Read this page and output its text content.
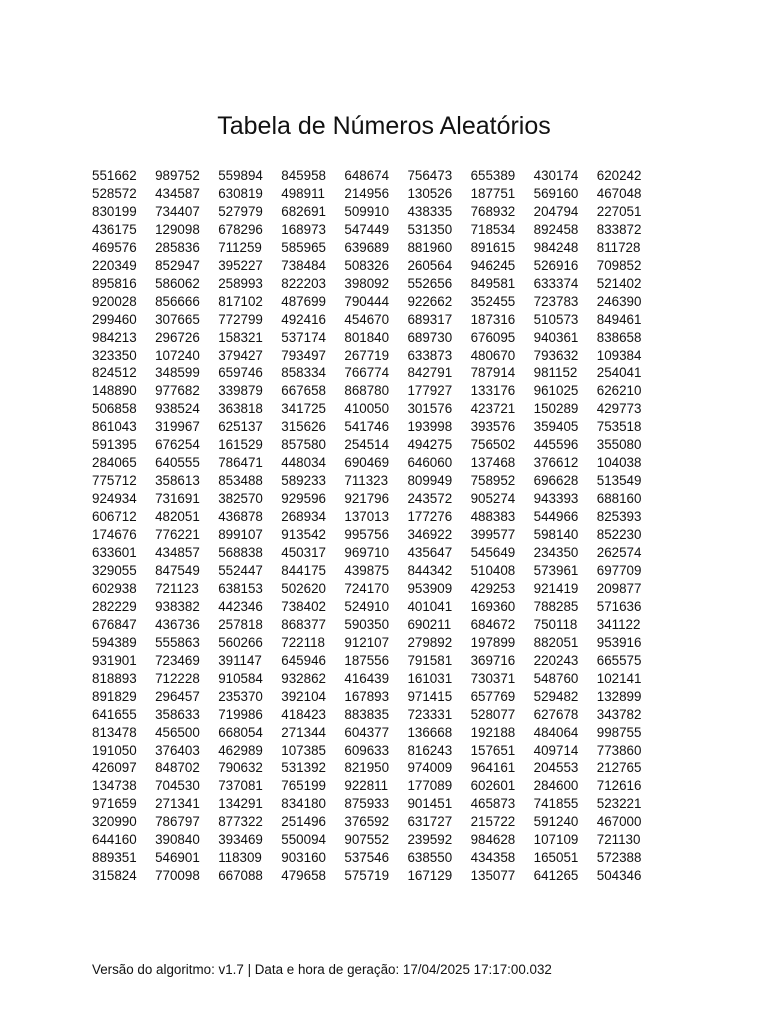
Tabela de Números Aleatórios
551662	989752	559894	845958	648674	756473	655389	430174	620242
528572	434587	630819	498911	214956	130526	187751	569160	467048
830199	734407	527979	682691	509910	438335	768932	204794	227051
436175	129098	678296	168973	547449	531350	718534	892458	833872
469576	285836	711259	585965	639689	881960	891615	984248	811728
220349	852947	395227	738484	508326	260564	946245	526916	709852
895816	586062	258993	822203	398092	552656	849581	633374	521402
920028	856666	817102	487699	790444	922662	352455	723783	246390
299460	307665	772799	492416	454670	689317	187316	510573	849461
984213	296726	158321	537174	801840	689730	676095	940361	838658
323350	107240	379427	793497	267719	633873	480670	793632	109384
824512	348599	659746	858334	766774	842791	787914	981152	254041
148890	977682	339879	667658	868780	177927	133176	961025	626210
506858	938524	363818	341725	410050	301576	423721	150289	429773
861043	319967	625137	315626	541746	193998	393576	359405	753518
591395	676254	161529	857580	254514	494275	756502	445596	355080
284065	640555	786471	448034	690469	646060	137468	376612	104038
775712	358613	853488	589233	711323	809949	758952	696628	513549
924934	731691	382570	929596	921796	243572	905274	943393	688160
606712	482051	436878	268934	137013	177276	488383	544966	825393
174676	776221	899107	913542	995756	346922	399577	598140	852230
633601	434857	568838	450317	969710	435647	545649	234350	262574
329055	847549	552447	844175	439875	844342	510408	573961	697709
602938	721123	638153	502620	724170	953909	429253	921419	209877
282229	938382	442346	738402	524910	401041	169360	788285	571636
676847	436736	257818	868377	590350	690211	684672	750118	341122
594389	555863	560266	722118	912107	279892	197899	882051	953916
931901	723469	391147	645946	187556	791581	369716	220243	665575
818893	712228	910584	932862	416439	161031	730371	548760	102141
891829	296457	235370	392104	167893	971415	657769	529482	132899
641655	358633	719986	418423	883835	723331	528077	627678	343782
813478	456500	668054	271344	604377	136668	192188	484064	998755
191050	376403	462989	107385	609633	816243	157651	409714	773860
426097	848702	790632	531392	821950	974009	964161	204553	212765
134738	704530	737081	765199	922811	177089	602601	284600	712616
971659	271341	134291	834180	875933	901451	465873	741855	523221
320990	786797	877322	251496	376592	631727	215722	591240	467000
644160	390840	393469	550094	907552	239592	984628	107109	721130
889351	546901	118309	903160	537546	638550	434358	165051	572388
315824	770098	667088	479658	575719	167129	135077	641265	504346
Versão do algoritmo: v1.7 | Data e hora de geração: 17/04/2025 17:17:00.032
